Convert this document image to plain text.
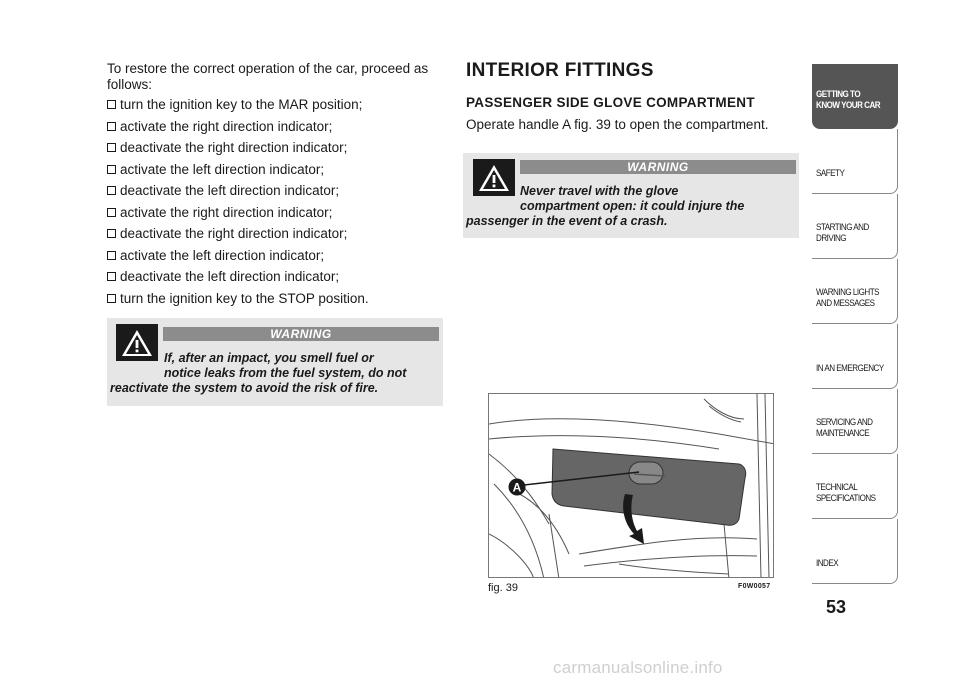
To restore the correct operation of the car, proceed as follows:

turn the ignition key to the MAR position;
activate the right direction indicator;
deactivate the right direction indicator;
activate the left direction indicator;
deactivate the left direction indicator;
activate the right direction indicator;
deactivate the right direction indicator;
activate the left direction indicator;
deactivate the left direction indicator;
turn the ignition key to the STOP position.
WARNING
If, after an impact, you smell fuel or
notice leaks from the fuel system, do not
reactivate the system to avoid the risk of fire.
INTERIOR FITTINGS
PASSENGER SIDE GLOVE COMPARTMENT

Operate handle A fig. 39 to open the compartment.

WARNING
Never travel with the glove
compartment open: it could injure the
passenger in the event of a crash.
A
fig. 39	F0W0057
GETTING TO
KNOW YOUR CAR
SAFETY

STARTING AND
DRIVING
WARNING LIGHTS
AND MESSAGES
IN AN EMERGENCY

SERVICING AND
MAINTENANCE
TECHNICAL
SPECIFICATIONS
INDEX

53
carmanualsonline.info
